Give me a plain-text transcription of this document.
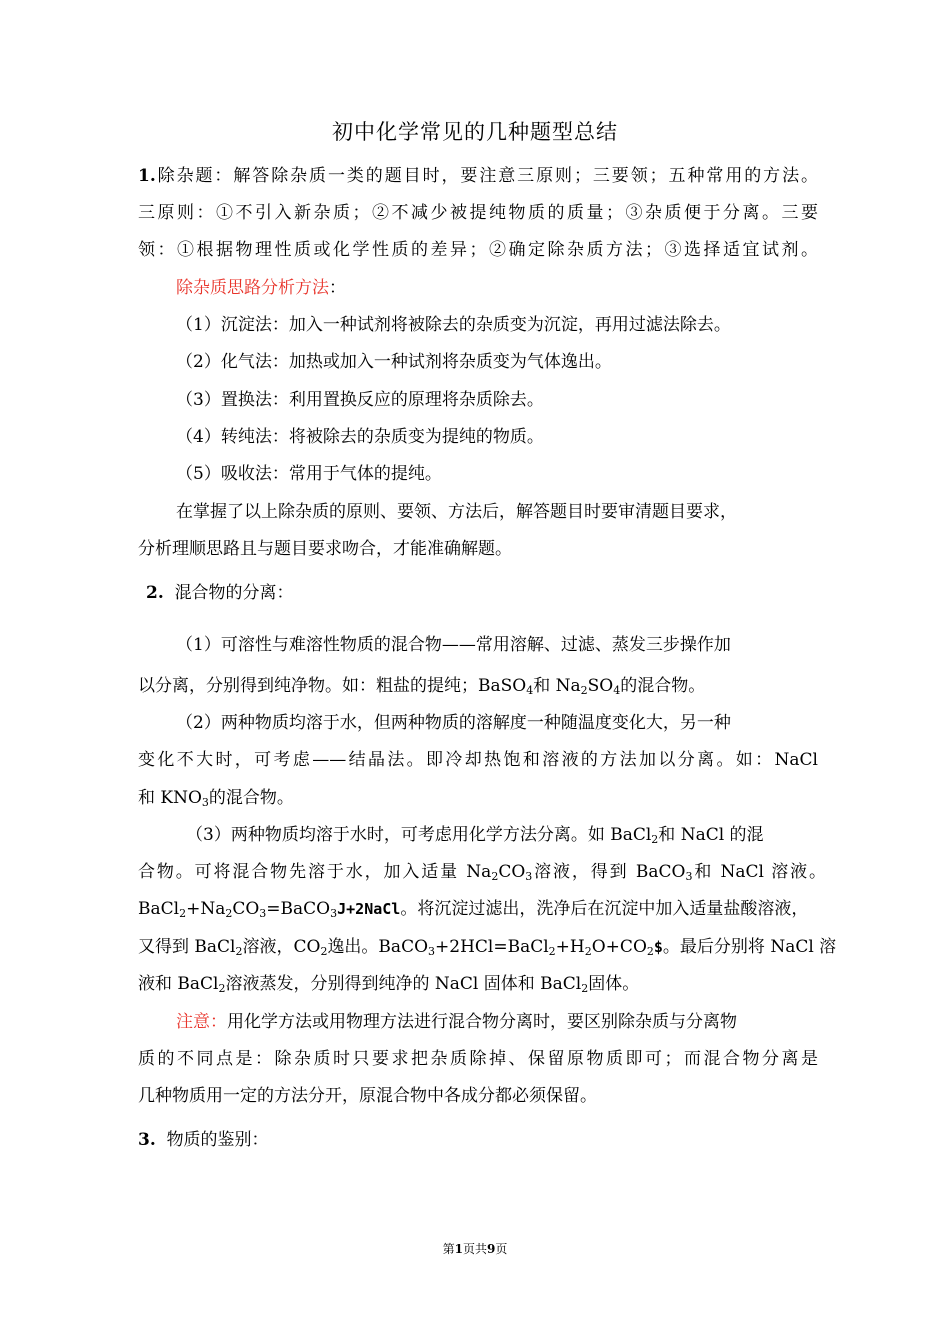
初中化学常见的几种题型总结
1.除杂题：解答除杂质一类的题目时，要注意三原则；三要领；五种常用的方法。
三原则：①不引入新杂质；②不减少被提纯物质的质量；③杂质便于分离。三要
领：①根据物理性质或化学性质的差异；②确定除杂质方法；③选择适宜试剂。
除杂质思路分析方法：
（1）沉淀法：加入一种试剂将被除去的杂质变为沉淀，再用过滤法除去。
（2）化气法：加热或加入一种试剂将杂质变为气体逸出。
（3）置换法：利用置换反应的原理将杂质除去。
（4）转纯法：将被除去的杂质变为提纯的物质。
（5）吸收法：常用于气体的提纯。
在掌握了以上除杂质的原则、要领、方法后，解答题目时要审清题目要求，
分析理顺思路且与题目要求吻合，才能准确解题。
2. 混合物的分离：
（1）可溶性与难溶性物质的混合物——常用溶解、过滤、蒸发三步操作加
以分离，分别得到纯净物。如：粗盐的提纯；BaSO$_4$和 $Na_2SO_4$的混合物。
（2）两种物质均溶于水，但两种物质的溶解度一种随温度变化大，另一种
变化不大时，可考虑——结晶法。即冷却热饱和溶液的方法加以分离。如：NaCl
和 $KNO_3$的混合物。
（3）两种物质均溶于水时，可考虑用化学方法分离。如 BaCl$_2$和 NaCl 的混
合物。可将混合物先溶于水，加入适量 $Na_2CO_3$溶液，得到 BaCO$_3$和 NaCl 溶液。
$BaCl_2+Na_2CO_3=BaCO_3J+2NaCl$。将沉淀过滤出，洗净后在沉淀中加入适量盐酸溶液，
又得到 BaCl$_2$溶液，$CO_2$逸出。$BaCO_3+2HCl=BaCl_2+H_2O+CO_2\$$。最后分别将 NaCl 溶
液和 BaCl$_2$溶液蒸发，分别得到纯净的 NaCl 固体和 BaCl$_2$固体。
注意：用化学方法或用物理方法进行混合物分离时，要区别除杂质与分离物
质的不同点是：除杂质时只要求把杂质除掉、保留原物质即可；而混合物分离是
几种物质用一定的方法分开，原混合物中各成分都必须保留。
3. 物质的鉴别：
第1页共9页
